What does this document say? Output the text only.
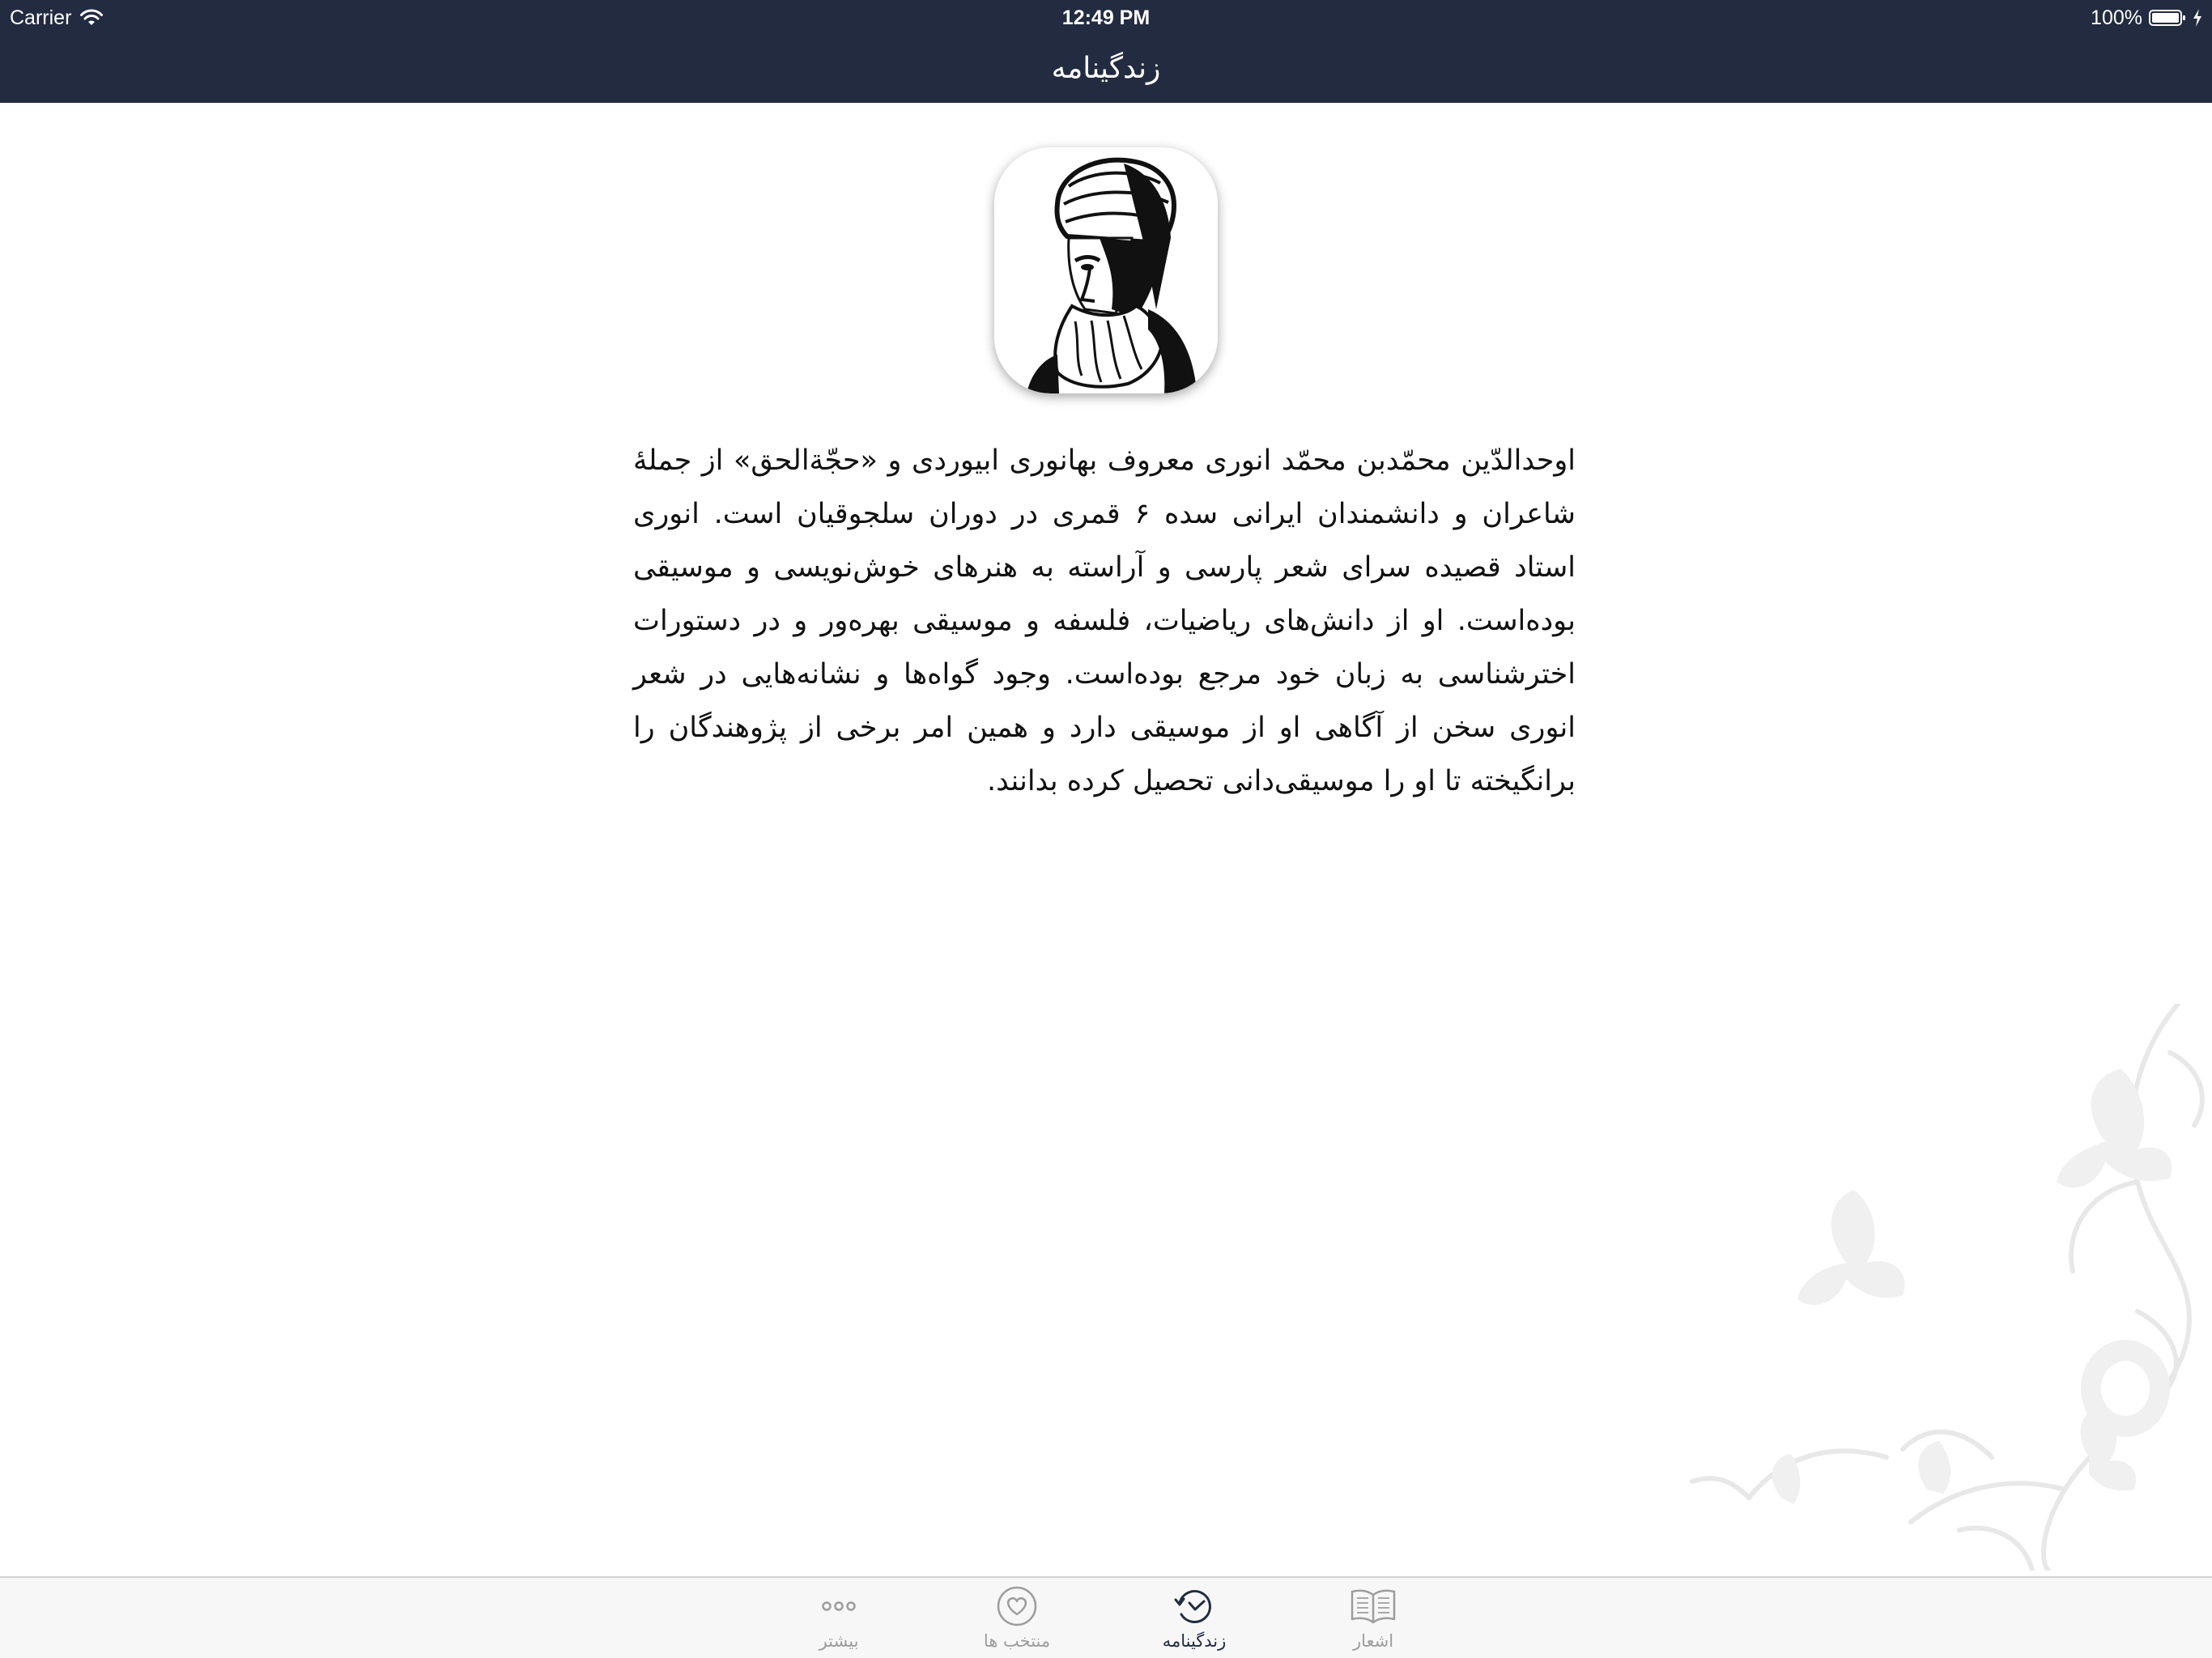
Carrier	12:49 PM	100%
زندگینامه

اوحدالدّین محمّدبن محمّد انوری معروف بهانوری ابیوردی و «حجّةالحق» از جملهٔ شاعران و دانشمندان ایرانی سده ۶ قمری در دوران سلجوقیان است. انوری استاد قصیده سرای شعر پارسی و آراسته به هنرهای خوش‌نویسی و موسیقی بوده‌است. او از دانش‌های ریاضیات، فلسفه و موسیقی بهره‌ور و در دستورات اخترشناسی به زبان خود مرجع بوده‌است. وجود گواه‌ها و نشانه‌هایی در شعر انوری سخن از آگاهی او از موسیقی دارد و همین امر برخی از پژوهندگان را برانگیخته تا او را موسیقی‌دانی تحصیل کرده بدانند.

بیشتر	منتخب ها	زندگینامه	اشعار
